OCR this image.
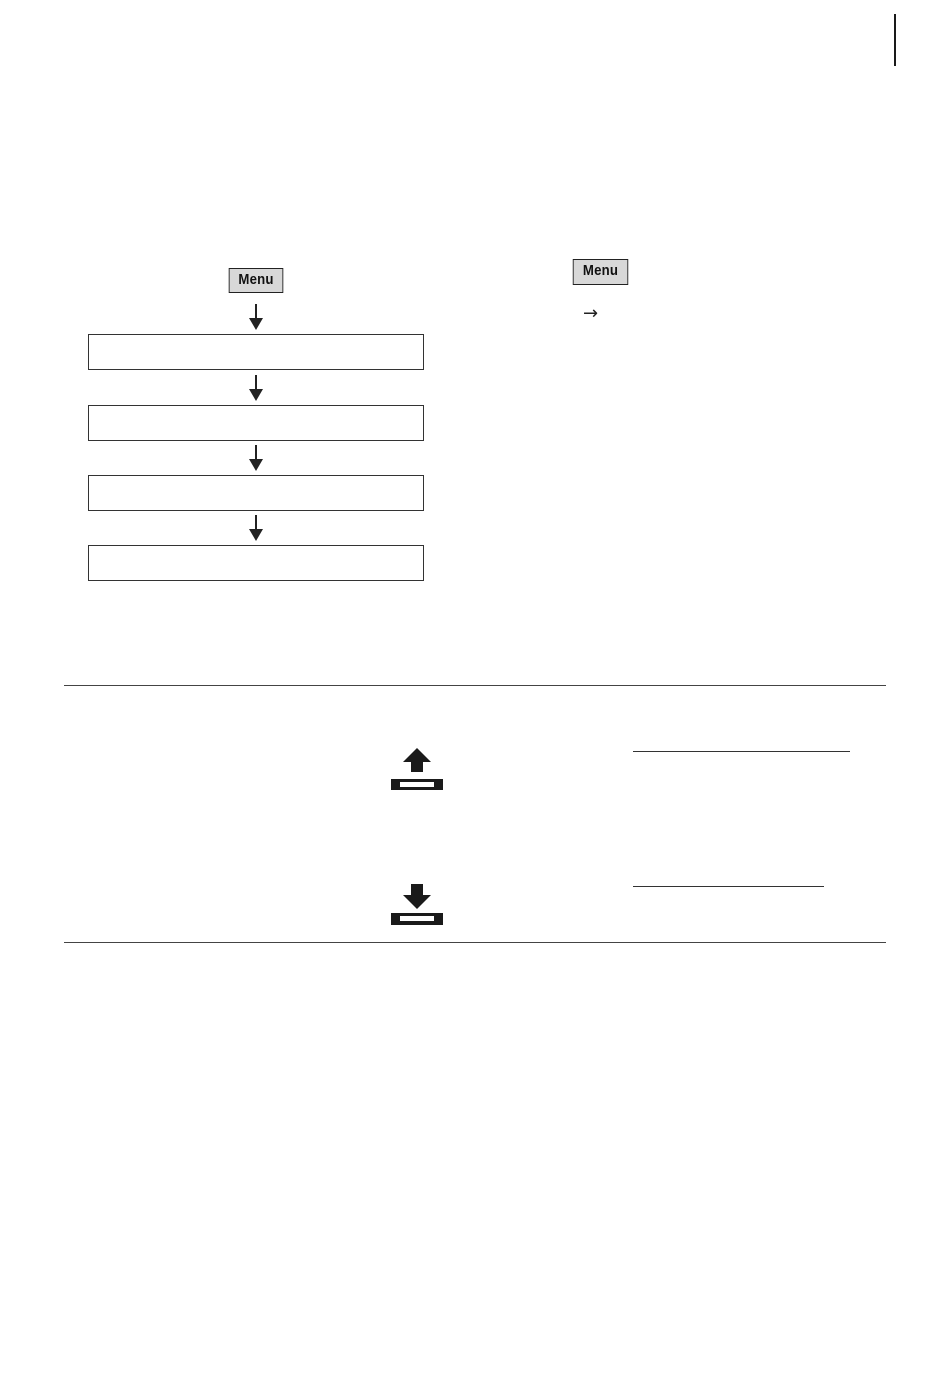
Menu
Menu
→
